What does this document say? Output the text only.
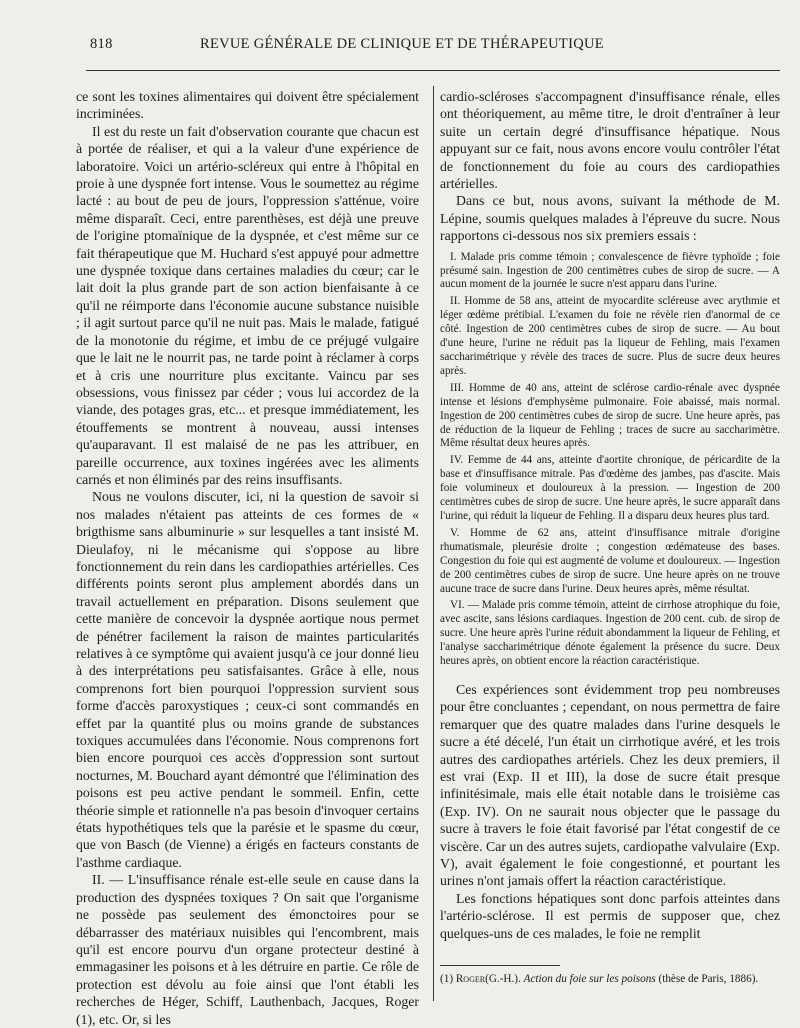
818	REVUE GÉNÉRALE DE CLINIQUE ET DE THÉRAPEUTIQUE

ce sont les toxines alimentaires qui doivent être spécialement incriminées.

Il est du reste un fait d'observation courante que chacun est à portée de réaliser, et qui a la valeur d'une expérience de laboratoire. Voici un artério-scléreux qui entre à l'hôpital en proie à une dyspnée fort intense. Vous le soumettez au régime lacté : au bout de peu de jours, l'oppression s'atténue, voire même disparaît. Ceci, entre parenthèses, est déjà une preuve de l'origine ptomaïnique de la dyspnée, et c'est même sur ce fait thérapeutique que M. Huchard s'est appuyé pour admettre une dyspnée toxique dans certaines maladies du cœur; car le lait doit la plus grande part de son action bienfaisante à ce qu'il ne réimporte dans l'économie aucune substance nuisible ; il agit surtout parce qu'il ne nuit pas. Mais le malade, fatigué de la monotonie du régime, et imbu de ce préjugé vulgaire que le lait ne le nourrit pas, ne tarde point à réclamer à corps et à cris une nourriture plus excitante. Vaincu par ses obsessions, vous finissez par céder ; vous lui accordez de la viande, des potages gras, etc... et presque immédiatement, les étouffements se montrent à nouveau, aussi intenses qu'auparavant. Il est malaisé de ne pas les attribuer, en pareille occurrence, aux toxines ingérées avec les aliments carnés et non éliminés par des reins insuffisants.

Nous ne voulons discuter, ici, ni la question de savoir si nos malades n'étaient pas atteints de ces formes de « brigthisme sans albuminurie » sur lesquelles a tant insisté M. Dieulafoy, ni le mécanisme qui s'oppose au libre fonctionnement du rein dans les cardiopathies artérielles. Ces différents points seront plus amplement abordés dans un travail actuellement en préparation. Disons seulement que cette manière de concevoir la dyspnée aortique nous permet de pénétrer facilement la raison de maintes particularités relatives à ce symptôme qui avaient jusqu'à ce jour donné lieu à des interprétations peu satisfaisantes. Grâce à elle, nous comprenons fort bien pourquoi l'oppression survient sous forme d'accès paroxystiques ; ceux-ci sont commandés en effet par la quantité plus ou moins grande de substances toxiques accumulées dans l'économie. Nous comprenons fort bien encore pourquoi ces accès d'oppression sont surtout nocturnes, M. Bouchard ayant démontré que l'élimination des poisons est peu active pendant le sommeil. Enfin, cette théorie simple et rationnelle n'a pas besoin d'invoquer certains états hypothétiques tels que la parésie et le spasme du cœur, que von Basch (de Vienne) a érigés en facteurs constants de l'asthme cardiaque.

II. — L'insuffisance rénale est-elle seule en cause dans la production des dyspnées toxiques ? On sait que l'organisme ne possède pas seulement des émonctoires pour se débarrasser des matériaux nuisibles qui l'encombrent, mais qu'il est encore pourvu d'un organe protecteur destiné à emmagasiner les poisons et à les détruire en partie. Ce rôle de protection est dévolu au foie ainsi que l'ont établi les recherches de Héger, Schiff, Lauthenbach, Jacques, Roger (1), etc. Or, si les

cardio-scléroses s'accompagnent d'insuffisance rénale, elles ont théoriquement, au même titre, le droit d'entraîner à leur suite un certain degré d'insuffisance hépatique. Nous appuyant sur ce fait, nous avons encore voulu contrôler l'état de fonctionnement du foie au cours des cardiopathies artérielles.

Dans ce but, nous avons, suivant la méthode de M. Lépine, soumis quelques malades à l'épreuve du sucre. Nous rapportons ci-dessous nos six premiers essais :

I. Malade pris comme témoin ; convalescence de fièvre typhoïde ; foie présumé sain. Ingestion de 200 centimètres cubes de sirop de sucre. — A aucun moment de la journée le sucre n'est apparu dans l'urine.

II. Homme de 58 ans, atteint de myocardite scléreuse avec arythmie et léger œdème prétibial. L'examen du foie ne révèle rien d'anormal de ce côté. Ingestion de 200 centimètres cubes de sirop de sucre. — Au bout d'une heure, l'urine ne réduit pas la liqueur de Fehling, mais l'examen saccharimétrique y révèle des traces de sucre. Plus de sucre deux heures après.

III. Homme de 40 ans, atteint de sclérose cardio-rénale avec dyspnée intense et lésions d'emphysème pulmonaire. Foie abaissé, mais normal. Ingestion de 200 centimètres cubes de sirop de sucre. Une heure après, pas de réduction de la liqueur de Fehling ; traces de sucre au saccharimètre. Même résultat deux heures après.

IV. Femme de 44 ans, atteinte d'aortite chronique, de péricardite de la base et d'insuffisance mitrale. Pas d'œdème des jambes, pas d'ascite. Mais foie volumineux et douloureux à la pression. — Ingestion de 200 centimètres cubes de sirop de sucre. Une heure après, le sucre apparaît dans l'urine, qui réduit la liqueur de Fehling. Il a disparu deux heures plus tard.

V. Homme de 62 ans, atteint d'insuffisance mitrale d'origine rhumatismale, pleurésie droite ; congestion œdémateuse des bases. Congestion du foie qui est augmenté de volume et douloureux. — Ingestion de 200 centimètres cubes de sirop de sucre. Une heure après on ne trouve aucune trace de sucre dans l'urine. Deux heures après, même résultat.

VI. — Malade pris comme témoin, atteint de cirrhose atrophique du foie, avec ascite, sans lésions cardiaques. Ingestion de 200 cent. cub. de sirop de sucre. Une heure après l'urine réduit abondamment la liqueur de Fehling, et l'analyse saccharimétrique dénote également la présence du sucre. Deux heures après, on obtient encore la réaction caractéristique.

Ces expériences sont évidemment trop peu nombreuses pour être concluantes ; cependant, on nous permettra de faire remarquer que des quatre malades dans l'urine desquels le sucre a été décelé, l'un était un cirrhotique avéré, et les trois autres des cardiopathes artériels. Chez les deux premiers, il est vrai (Exp. II et III), la dose de sucre était presque infinitésimale, mais elle était notable dans le troisième cas (Exp. IV). On ne saurait nous objecter que le passage du sucre à travers le foie était favorisé par l'état congestif de ce viscère. Car un des autres sujets, cardiopathe valvulaire (Exp. V), avait également le foie congestionné, et pourtant les urines n'ont jamais offert la réaction caractéristique.

Les fonctions hépatiques sont donc parfois atteintes dans l'artério-sclérose. Il est permis de supposer que, chez quelques-uns de ces malades, le foie ne remplit

(1) Roger(G.-H.). Action du foie sur les poisons (thèse de Paris, 1886).
